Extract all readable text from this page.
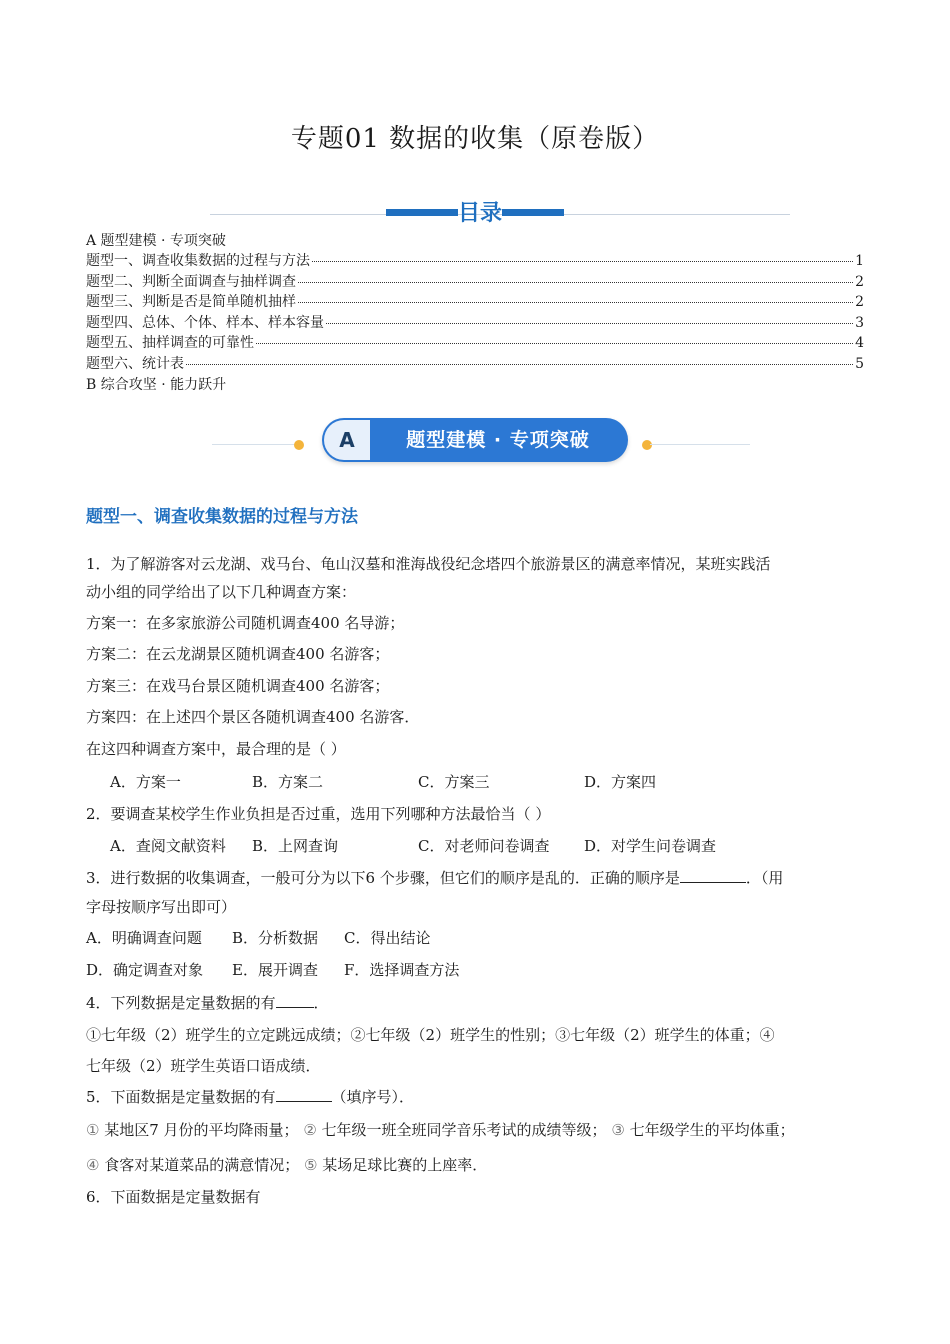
专题01 数据的收集（原卷版）
目录
A 题型建模 · 专项突破
题型一、调查收集数据的过程与方法	1
题型二、判断全面调查与抽样调查	2
题型三、判断是否是简单随机抽样	2
题型四、总体、个体、样本、样本容量	3
题型五、抽样调查的可靠性	4
题型六、统计表	5
B 综合攻坚 · 能力跃升
A	题型建模 · 专项突破
题型一、调查收集数据的过程与方法
1．为了解游客对云龙湖、戏马台、龟山汉墓和淮海战役纪念塔四个旅游景区的满意率情况，某班实践活
动小组的同学给出了以下几种调查方案：
方案一：在多家旅游公司随机调查400 名导游；
方案二：在云龙湖景区随机调查400 名游客；
方案三：在戏马台景区随机调查400 名游客；
方案四：在上述四个景区各随机调查400 名游客．
在这四种调查方案中，最合理的是（ ）
A．方案一	B．方案二	C．方案三	D．方案四
2．要调查某校学生作业负担是否过重，选用下列哪种方法最恰当（ ）
A．查阅文献资料 B．上网查询	C．对老师问卷调查 D．对学生问卷调查
3．进行数据的收集调查，一般可分为以下6 个步骤，但它们的顺序是乱的．正确的顺序是	．（用
字母按顺序写出即可）
A．明确调查问题 B．分析数据 C．得出结论
D．确定调查对象 E．展开调查 F．选择调查方法
4．下列数据是定量数据的有	．
①七年级（2）班学生的立定跳远成绩；②七年级（2）班学生的性别；③七年级（2）班学生的体重；④
七年级（2）班学生英语口语成绩．
5．下面数据是定量数据的有	（填序号）．
① 某地区7 月份的平均降雨量； ② 七年级一班全班同学音乐考试的成绩等级； ③ 七年级学生的平均体重；
④ 食客对某道菜品的满意情况； ⑤ 某场足球比赛的上座率．
6．下面数据是定量数据有
